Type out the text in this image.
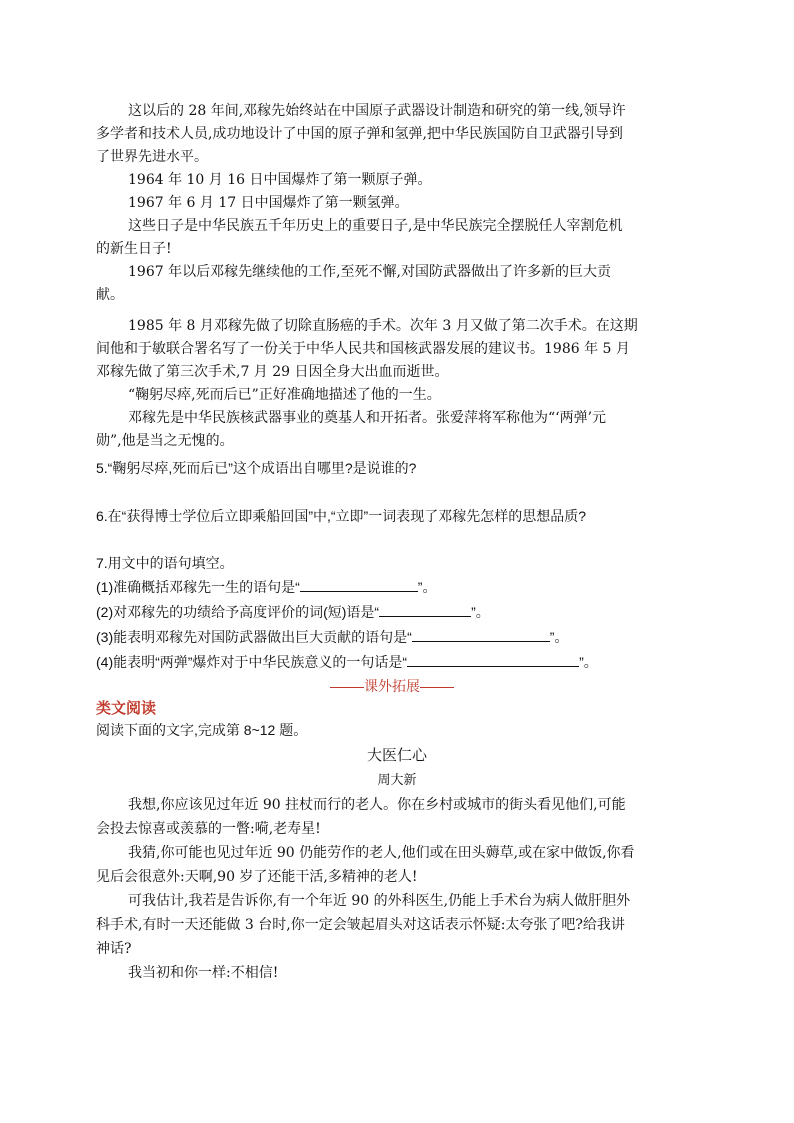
这以后的 28 年间,邓稼先始终站在中国原子武器设计制造和研究的第一线,领导许
多学者和技术人员,成功地设计了中国的原子弹和氢弹,把中华民族国防自卫武器引导到
了世界先进水平。
1964 年 10 月 16 日中国爆炸了第一颗原子弹。
1967 年 6 月 17 日中国爆炸了第一颗氢弹。
这些日子是中华民族五千年历史上的重要日子,是中华民族完全摆脱任人宰割危机
的新生日子!
1967 年以后邓稼先继续他的工作,至死不懈,对国防武器做出了许多新的巨大贡
献。
1985 年 8 月邓稼先做了切除直肠癌的手术。次年 3 月又做了第二次手术。在这期
间他和于敏联合署名写了一份关于中华人民共和国核武器发展的建议书。1986 年 5 月
邓稼先做了第三次手术,7 月 29 日因全身大出血而逝世。
“鞠躬尽瘁,死而后已”正好准确地描述了他的一生。
邓稼先是中华民族核武器事业的奠基人和开拓者。张爱萍将军称他为“‘两弹’元
勋”,他是当之无愧的。
5.“鞠躬尽瘁,死而后已”这个成语出自哪里?是说谁的?
6.在“获得博士学位后立即乘船回国”中,“立即”一词表现了邓稼先怎样的思想品质?
7.用文中的语句填空。
(1)准确概括邓稼先一生的语句是“	”。
(2)对邓稼先的功绩给予高度评价的词(短)语是“	”。
(3)能表明邓稼先对国防武器做出巨大贡献的语句是“	”。
(4)能表明“两弹”爆炸对于中华民族意义的一句话是“	”。
课外拓展
类文阅读
阅读下面的文字,完成第 8~12 题。
大医仁心
周大新
我想,你应该见过年近 90 拄杖而行的老人。你在乡村或城市的街头看见他们,可能
会投去惊喜或羡慕的一瞥:嗬,老寿星!
我猜,你可能也见过年近 90 仍能劳作的老人,他们或在田头薅草,或在家中做饭,你看
见后会很意外:天啊,90 岁了还能干活,多精神的老人!
可我估计,我若是告诉你,有一个年近 90 的外科医生,仍能上手术台为病人做肝胆外
科手术,有时一天还能做 3 台时,你一定会皱起眉头对这话表示怀疑:太夸张了吧?给我讲
神话?
我当初和你一样:不相信!
